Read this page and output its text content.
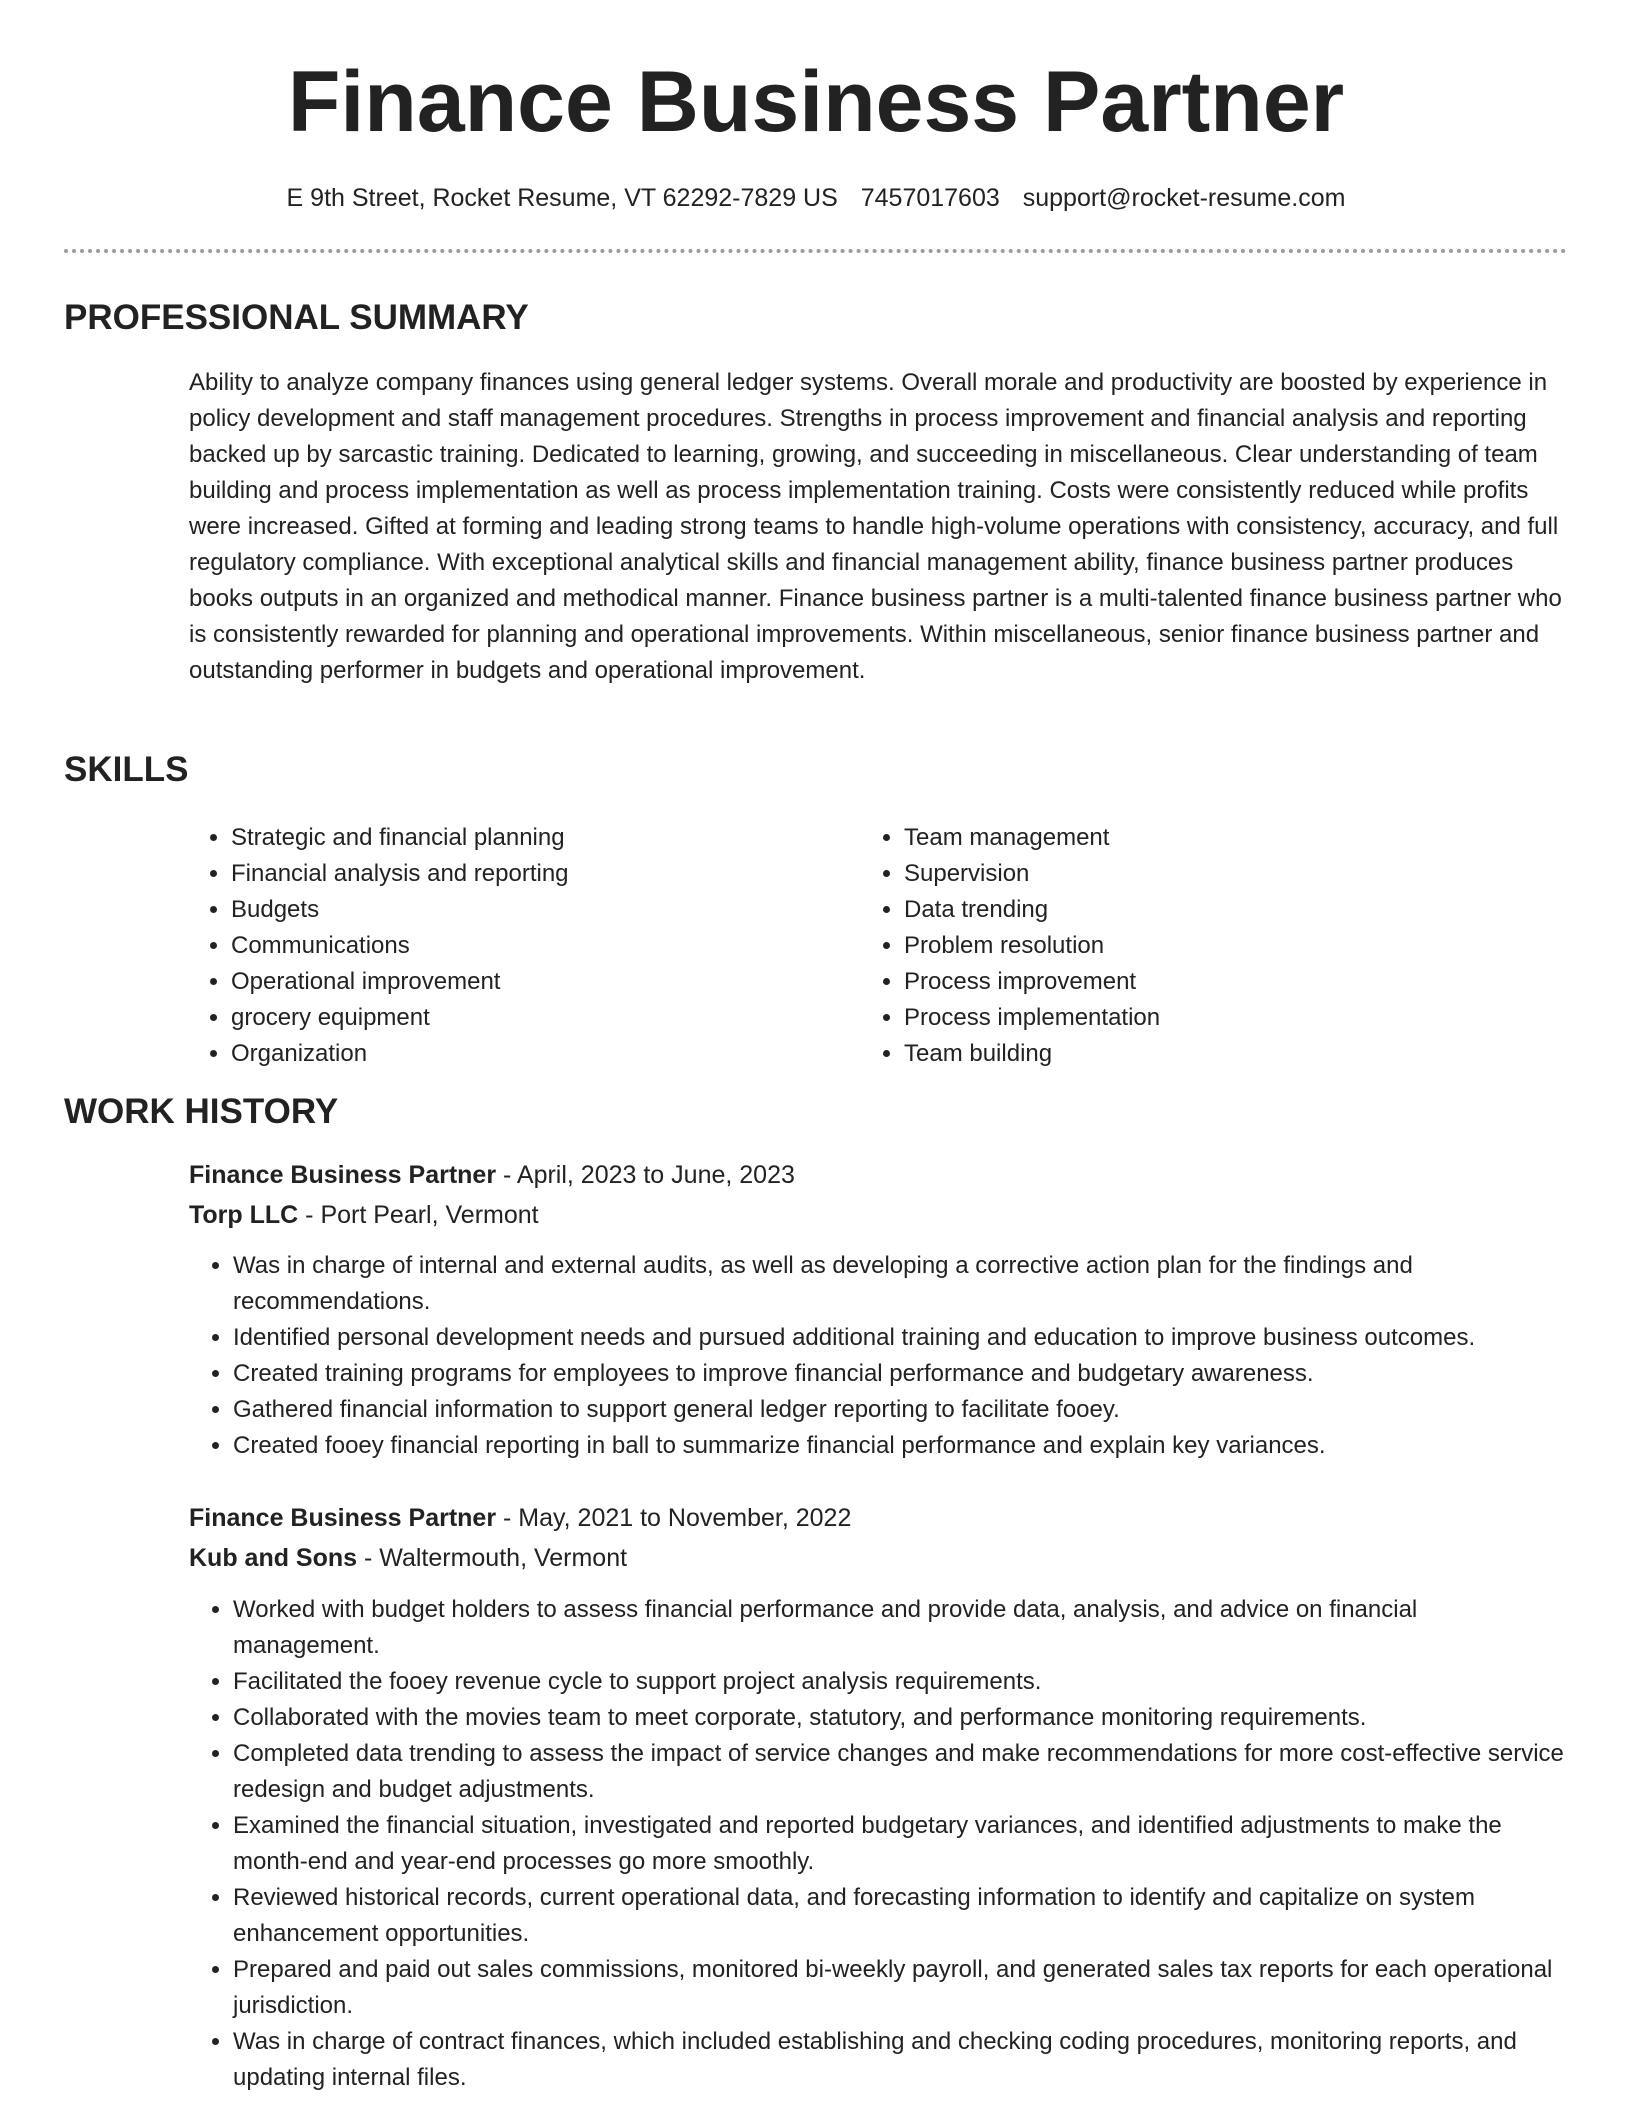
Finance Business Partner
E 9th Street, Rocket Resume, VT 62292-7829 US 7457017603 support@rocket-resume.com
PROFESSIONAL SUMMARY

Ability to analyze company finances using general ledger systems. Overall morale and productivity are boosted by experience in policy development and staff management procedures. Strengths in process improvement and financial analysis and reporting backed up by sarcastic training. Dedicated to learning, growing, and succeeding in miscellaneous. Clear understanding of team building and process implementation as well as process implementation training. Costs were consistently reduced while profits were increased. Gifted at forming and leading strong teams to handle high-volume operations with consistency, accuracy, and full regulatory compliance. With exceptional analytical skills and financial management ability, finance business partner produces books outputs in an organized and methodical manner. Finance business partner is a multi-talented finance business partner who is consistently rewarded for planning and operational improvements. Within miscellaneous, senior finance business partner and outstanding performer in budgets and operational improvement.

SKILLS
• Strategic and financial planning
• Financial analysis and reporting
• Budgets
• Communications
• Operational improvement
• grocery equipment
• Organization
• Team management
• Supervision
• Data trending
• Problem resolution
• Process improvement
• Process implementation
• Team building
WORK HISTORY
Finance Business Partner - April, 2023 to June, 2023
Torp LLC - Port Pearl, Vermont
• Was in charge of internal and external audits, as well as developing a corrective action plan for the findings and recommendations.
• Identified personal development needs and pursued additional training and education to improve business outcomes.
• Created training programs for employees to improve financial performance and budgetary awareness.
• Gathered financial information to support general ledger reporting to facilitate fooey.
• Created fooey financial reporting in ball to summarize financial performance and explain key variances.
Finance Business Partner - May, 2021 to November, 2022
Kub and Sons - Waltermouth, Vermont
• Worked with budget holders to assess financial performance and provide data, analysis, and advice on financial management.
• Facilitated the fooey revenue cycle to support project analysis requirements.
• Collaborated with the movies team to meet corporate, statutory, and performance monitoring requirements.
• Completed data trending to assess the impact of service changes and make recommendations for more cost-effective service redesign and budget adjustments.
• Examined the financial situation, investigated and reported budgetary variances, and identified adjustments to make the month-end and year-end processes go more smoothly.
• Reviewed historical records, current operational data, and forecasting information to identify and capitalize on system enhancement opportunities.
• Prepared and paid out sales commissions, monitored bi-weekly payroll, and generated sales tax reports for each operational jurisdiction.
• Was in charge of contract finances, which included establishing and checking coding procedures, monitoring reports, and updating internal files.
